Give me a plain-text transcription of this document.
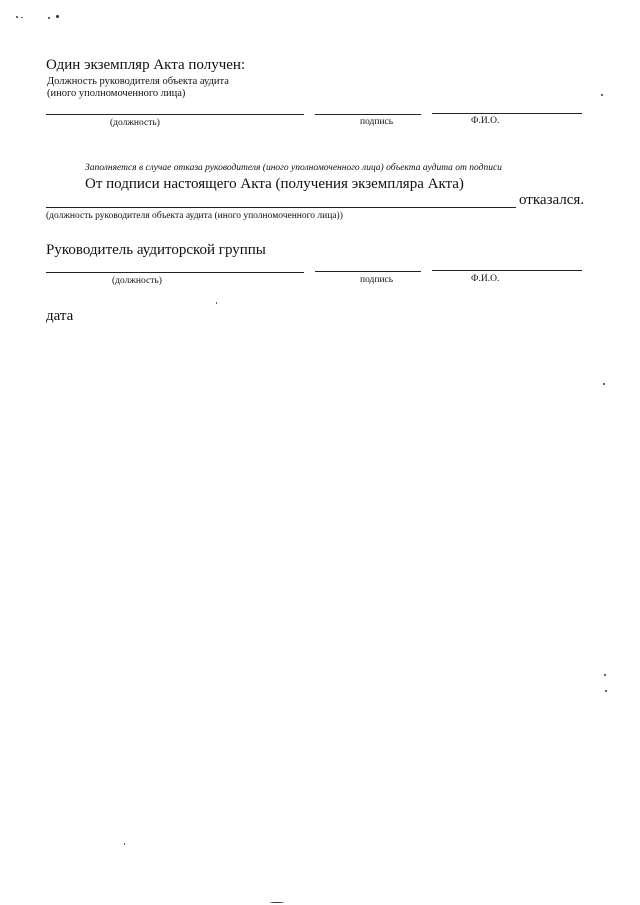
Один экземпляр Акта получен:
Должность руководителя объекта аудита
(иного уполномоченного лица)
(должность)	подпись	Ф.И.О.
Заполняется в случае отказа руководителя (иного уполномоченного лица) объекта аудита от подписи
От подписи настоящего Акта (получения экземпляра Акта)
отказался.
(должность руководителя объекта аудита (иного уполномоченного лица))
Руководитель аудиторской группы
(должность)	подпись	Ф.И.О.
дата
